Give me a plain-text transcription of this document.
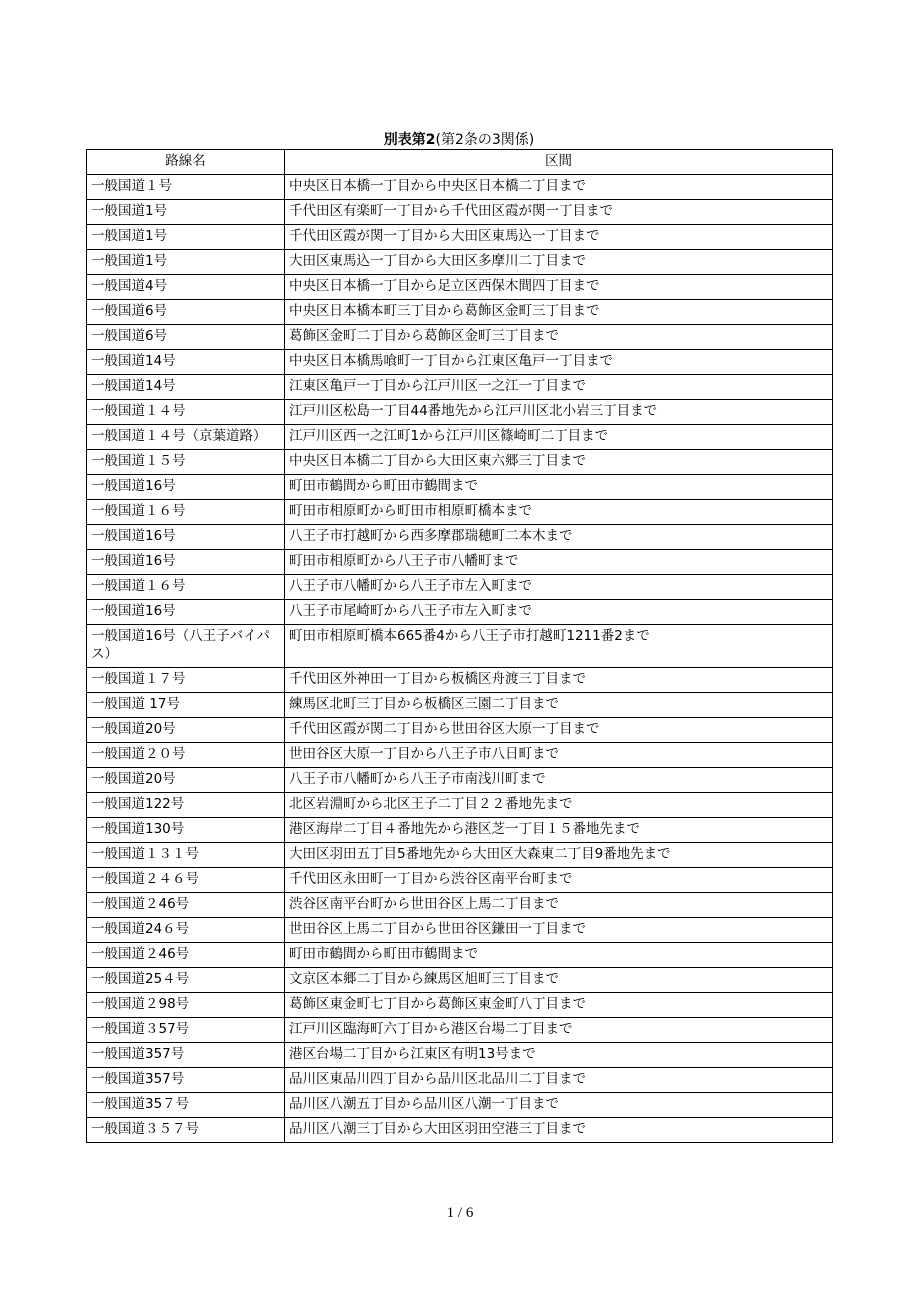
別表第2(第2条の3関係)
路線名	区間
一般国道１号	中央区日本橋一丁目から中央区日本橋二丁目まで
一般国道1号	千代田区有楽町一丁目から千代田区霞が関一丁目まで
一般国道1号	千代田区霞が関一丁目から大田区東馬込一丁目まで
一般国道1号	大田区東馬込一丁目から大田区多摩川二丁目まで
一般国道4号	中央区日本橋一丁目から足立区西保木間四丁目まで
一般国道6号	中央区日本橋本町三丁目から葛飾区金町三丁目まで
一般国道6号	葛飾区金町二丁目から葛飾区金町三丁目まで
一般国道14号	中央区日本橋馬喰町一丁目から江東区亀戸一丁目まで
一般国道14号	江東区亀戸一丁目から江戸川区一之江一丁目まで
一般国道１４号	江戸川区松島一丁目44番地先から江戸川区北小岩三丁目まで
一般国道１４号（京葉道路）	江戸川区西一之江町1から江戸川区篠崎町二丁目まで
一般国道１５号	中央区日本橋二丁目から大田区東六郷三丁目まで
一般国道16号	町田市鶴間から町田市鶴間まで
一般国道１６号	町田市相原町から町田市相原町橋本まで
一般国道16号	八王子市打越町から西多摩郡瑞穂町二本木まで
一般国道16号	町田市相原町から八王子市八幡町まで
一般国道１６号	八王子市八幡町から八王子市左入町まで
一般国道16号	八王子市尾崎町から八王子市左入町まで
一般国道16号（八王子バイパス）	町田市相原町橋本665番4から八王子市打越町1211番2まで
一般国道１７号	千代田区外神田一丁目から板橋区舟渡三丁目まで
一般国道 17号	練馬区北町三丁目から板橋区三園二丁目まで
一般国道20号	千代田区霞が関二丁目から世田谷区大原一丁目まで
一般国道２０号	世田谷区大原一丁目から八王子市八日町まで
一般国道20号	八王子市八幡町から八王子市南浅川町まで
一般国道122号	北区岩淵町から北区王子二丁目２２番地先まで
一般国道130号	港区海岸二丁目４番地先から港区芝一丁目１５番地先まで
一般国道１３１号	大田区羽田五丁目5番地先から大田区大森東二丁目9番地先まで
一般国道２４６号	千代田区永田町一丁目から渋谷区南平台町まで
一般国道２46号	渋谷区南平台町から世田谷区上馬二丁目まで
一般国道24６号	世田谷区上馬二丁目から世田谷区鎌田一丁目まで
一般国道２46号	町田市鶴間から町田市鶴間まで
一般国道25４号	文京区本郷二丁目から練馬区旭町三丁目まで
一般国道２98号	葛飾区東金町七丁目から葛飾区東金町八丁目まで
一般国道３57号	江戸川区臨海町六丁目から港区台場二丁目まで
一般国道357号	港区台場二丁目から江東区有明13号まで
一般国道357号	品川区東品川四丁目から品川区北品川二丁目まで
一般国道35７号	品川区八潮五丁目から品川区八潮一丁目まで
一般国道３５７号	品川区八潮三丁目から大田区羽田空港三丁目まで
1 / 6
